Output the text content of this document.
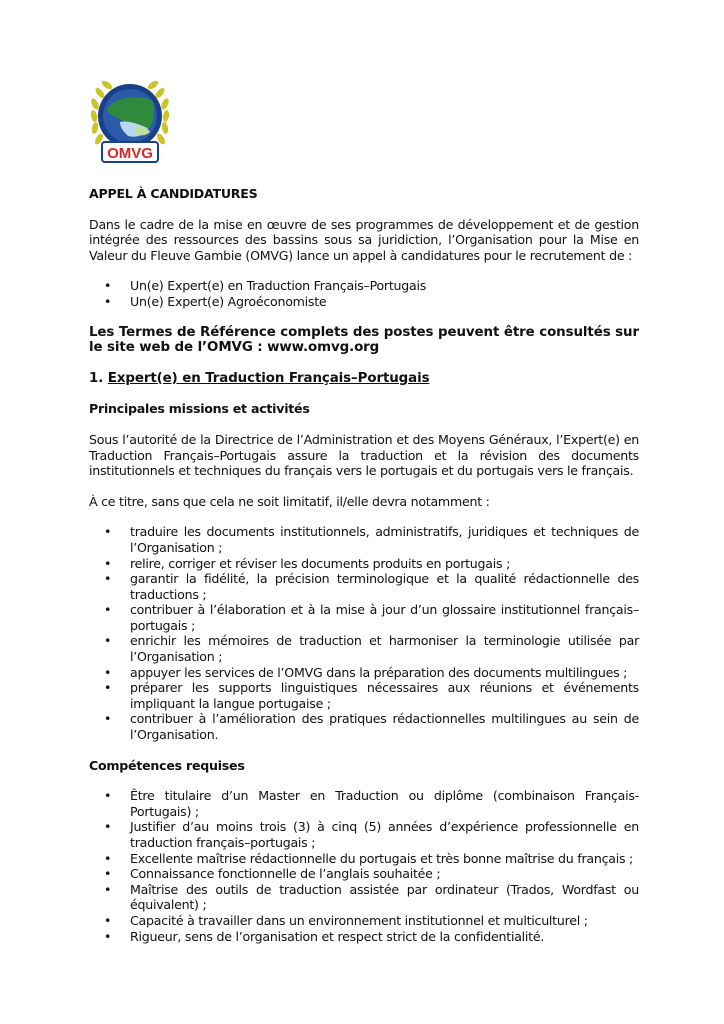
OMVG

APPEL À CANDIDATURES

Dans le cadre de la mise en œuvre de ses programmes de développement et de gestion intégrée des ressources des bassins sous sa juridiction, l’Organisation pour la Mise en Valeur du Fleuve Gambie (OMVG) lance un appel à candidatures pour le recrutement de :

• Un(e) Expert(e) en Traduction Français–Portugais
• Un(e) Expert(e) Agroéconomiste

Les Termes de Référence complets des postes peuvent être consultés sur le site web de l’OMVG : www.omvg.org

1. Expert(e) en Traduction Français–Portugais

Principales missions et activités

Sous l’autorité de la Directrice de l’Administration et des Moyens Généraux, l’Expert(e) en Traduction Français–Portugais assure la traduction et la révision des documents institutionnels et techniques du français vers le portugais et du portugais vers le français.

À ce titre, sans que cela ne soit limitatif, il/elle devra notamment :

• traduire les documents institutionnels, administratifs, juridiques et techniques de l’Organisation ;
• relire, corriger et réviser les documents produits en portugais ;
• garantir la fidélité, la précision terminologique et la qualité rédactionnelle des traductions ;
• contribuer à l’élaboration et à la mise à jour d’un glossaire institutionnel français–portugais ;
• enrichir les mémoires de traduction et harmoniser la terminologie utilisée par l’Organisation ;
• appuyer les services de l’OMVG dans la préparation des documents multilingues ;
• préparer les supports linguistiques nécessaires aux réunions et événements impliquant la langue portugaise ;
• contribuer à l’amélioration des pratiques rédactionnelles multilingues au sein de l’Organisation.

Compétences requises

• Être titulaire d’un Master en Traduction ou diplôme (combinaison Français-Portugais) ;
• Justifier d’au moins trois (3) à cinq (5) années d’expérience professionnelle en traduction français–portugais ;
• Excellente maîtrise rédactionnelle du portugais et très bonne maîtrise du français ;
• Connaissance fonctionnelle de l’anglais souhaitée ;
• Maîtrise des outils de traduction assistée par ordinateur (Trados, Wordfast ou équivalent) ;
• Capacité à travailler dans un environnement institutionnel et multiculturel ;
• Rigueur, sens de l’organisation et respect strict de la confidentialité.
